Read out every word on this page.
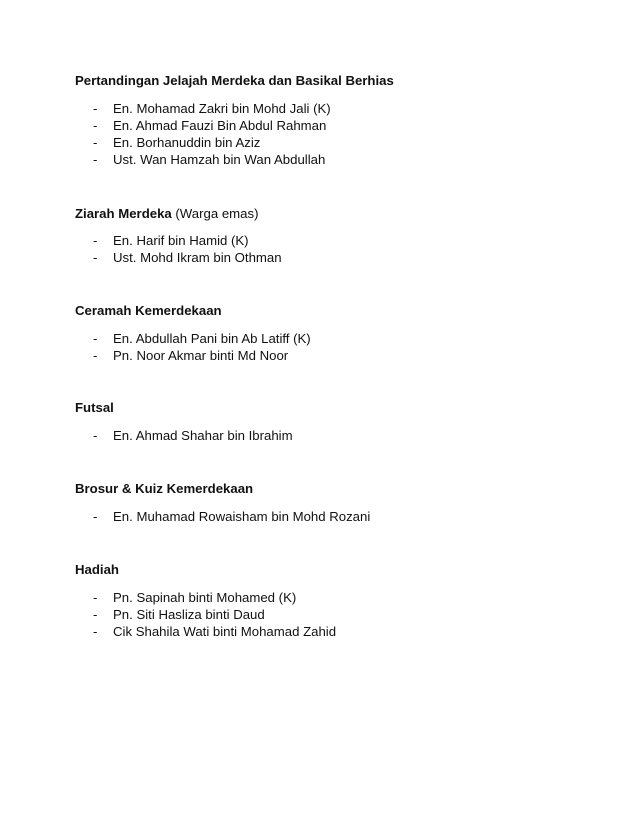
Pertandingan Jelajah Merdeka dan Basikal Berhias
- En. Mohamad Zakri bin Mohd Jali (K)
- En. Ahmad Fauzi Bin Abdul Rahman
- En. Borhanuddin bin Aziz
- Ust. Wan Hamzah bin Wan Abdullah
Ziarah Merdeka (Warga emas)
- En. Harif bin Hamid (K)
- Ust. Mohd Ikram bin Othman
Ceramah Kemerdekaan
- En. Abdullah Pani bin Ab Latiff (K)
- Pn. Noor Akmar binti Md Noor
Futsal
- En. Ahmad Shahar bin Ibrahim
Brosur & Kuiz Kemerdekaan
- En. Muhamad Rowaisham bin Mohd Rozani
Hadiah
- Pn. Sapinah binti Mohamed (K)
- Pn. Siti Hasliza binti Daud
- Cik Shahila Wati binti Mohamad Zahid
